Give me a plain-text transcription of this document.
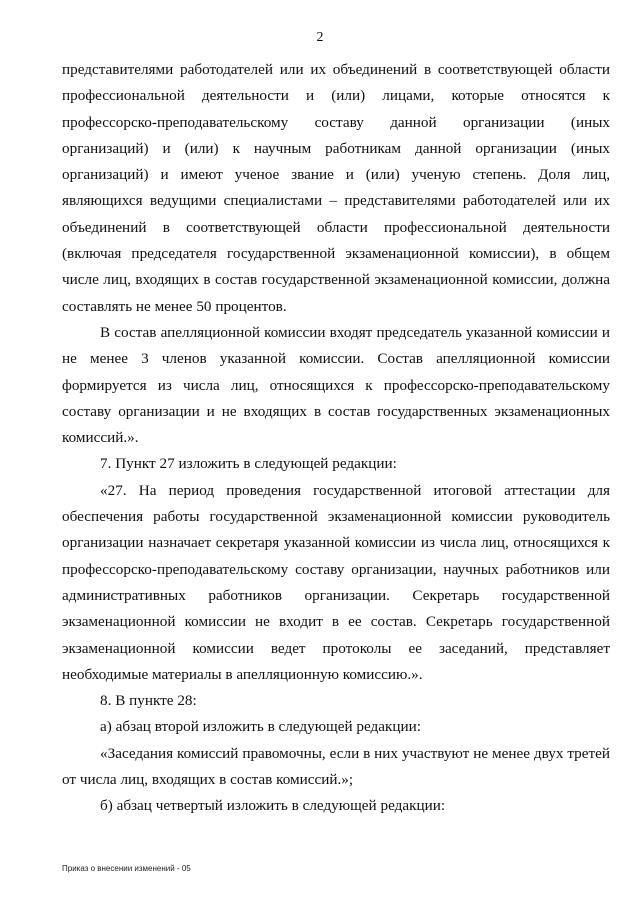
2

представителями работодателей или их объединений в соответствующей области профессиональной деятельности и (или) лицами, которые относятся к профессорско-преподавательскому составу данной организации (иных организаций) и (или) к научным работникам данной организации (иных организаций) и имеют ученое звание и (или) ученую степень. Доля лиц, являющихся ведущими специалистами – представителями работодателей или их объединений в соответствующей области профессиональной деятельности (включая председателя государственной экзаменационной комиссии), в общем числе лиц, входящих в состав государственной экзаменационной комиссии, должна составлять не менее 50 процентов.

В состав апелляционной комиссии входят председатель указанной комиссии и не менее 3 членов указанной комиссии. Состав апелляционной комиссии формируется из числа лиц, относящихся к профессорско-преподавательскому составу организации и не входящих в состав государственных экзаменационных комиссий.».

7. Пункт 27 изложить в следующей редакции:

«27. На период проведения государственной итоговой аттестации для обеспечения работы государственной экзаменационной комиссии руководитель организации назначает секретаря указанной комиссии из числа лиц, относящихся к профессорско-преподавательскому составу организации, научных работников или административных работников организации. Секретарь государственной экзаменационной комиссии не входит в ее состав. Секретарь государственной экзаменационной комиссии ведет протоколы ее заседаний, представляет необходимые материалы в апелляционную комиссию.».

8. В пункте 28:

а) абзац второй изложить в следующей редакции:

«Заседания комиссий правомочны, если в них участвуют не менее двух третей от числа лиц, входящих в состав комиссий.»;

б) абзац четвертый изложить в следующей редакции:

Приказ о внесении изменений - 05
